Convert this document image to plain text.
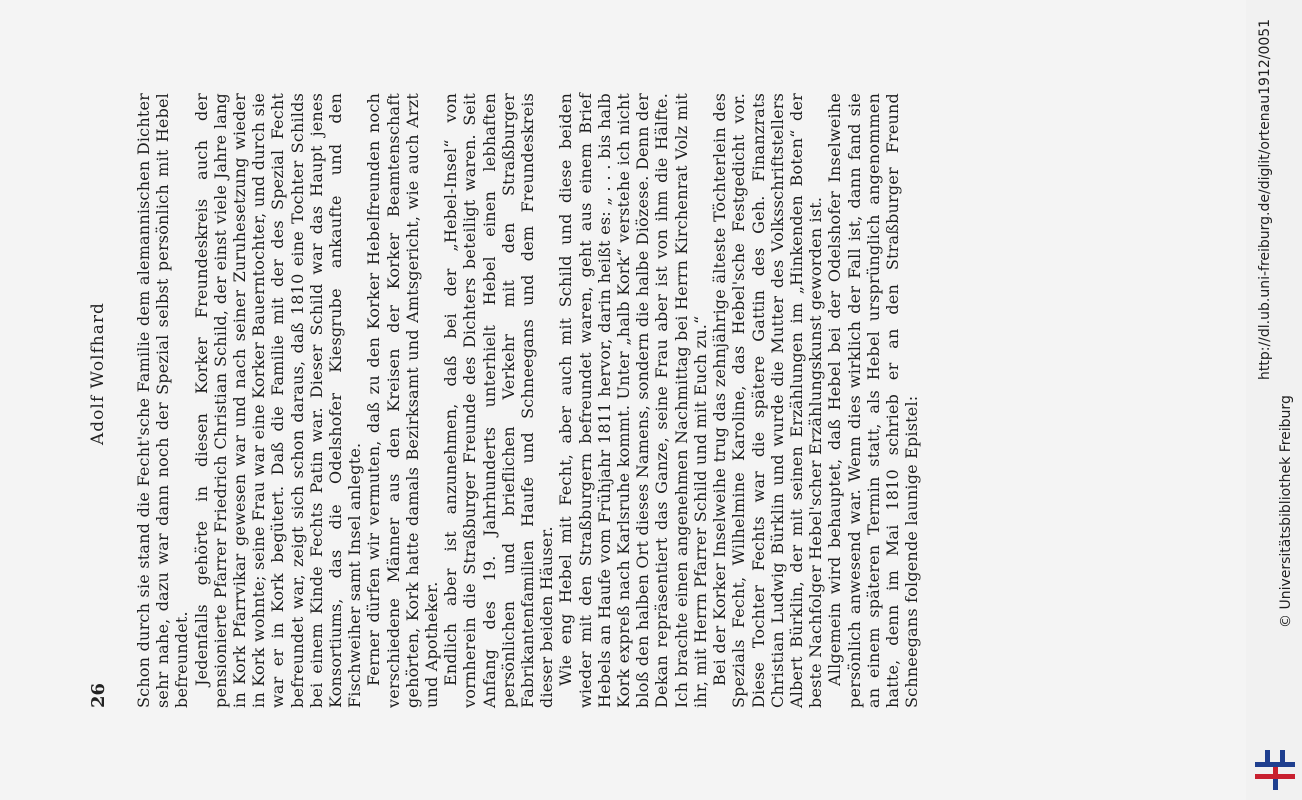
26
Adolf Wolfhard Schon durch sie stand die Fecht'sche Familie dem alemannischen Dichter sehr nahe, dazu war dann noch der Spezial selbst persönlich mit Hebel befreundet. Jedenfalls gehörte in diesen Korker Freundeskreis auch der pensionierte Pfarrer Friedrich Christian Schild, der einst viele Jahre lang in Kork Pfarrvikar gewesen war und nach seiner Zuruhesetzung wieder in Kork wohnte; seine Frau war eine Korker Bauerntochter, und durch sie war er in Kork begütert. Daß die Familie mit der des Spezial Fecht befreundet war, zeigt sich schon daraus, daß 1810 eine Tochter Schilds bei einem Kinde Fechts Patin war. Dieser Schild war das Haupt jenes Konsortiums, das die Odelshofer Kiesgrube ankaufte und den Fischweiher samt Insel anlegte. Ferner dürfen wir vermuten, daß zu den Korker Hebelfreunden noch verschiedene Männer aus den Kreisen der Korker Beamtenschaft gehörten, Kork hatte damals Bezirksamt und Amtsgericht, wie auch Arzt und Apotheker. Endlich aber ist anzunehmen, daß bei der „Hebel-Insel“ von vornherein die Straßburger Freunde des Dichters beteiligt waren. Seit Anfang des 19. Jahrhunderts unterhielt Hebel einen lebhaften persönlichen und brieflichen Verkehr mit den Straßburger Fabrikantenfamilien Haufe und Schneegans und dem Freundeskreis dieser beiden Häuser. Wie eng Hebel mit Fecht, aber auch mit Schild und diese beiden wieder mit den Straßburgern befreundet waren, geht aus einem Brief Hebels an Haufe vom Frühjahr 1811 hervor, darin heißt es: „ . . . bis halb Kork expreß nach Karlsruhe kommt. Unter „halb Kork“ verstehe ich nicht bloß den halben Ort dieses Namens, sondern die halbe Diözese. Denn der Dekan repräsentiert das Ganze, seine Frau aber ist von ihm die Hälfte. Ich brachte einen angenehmen Nachmittag bei Herrn Kirchenrat Volz mit ihr, mit Herrn Pfarrer Schild und mit Euch zu.“ Bei der Korker Inselweihe trug das zehnjährige älteste Töchterlein des Spezials Fecht, Wilhelmine Karoline, das Hebel'sche Festgedicht vor. Diese Tochter Fechts war die spätere Gattin des Geh. Finanzrats Christian Ludwig Bürklin und wurde die Mutter des Volksschriftstellers Albert Bürklin, der mit seinen Erzählungen im „Hinkenden Boten“ der beste Nachfolger Hebel'scher Erzählungskunst geworden ist. Allgemein wird behauptet, daß Hebel bei der Odelshofer Inselweihe persönlich anwesend war. Wenn dies wirklich der Fall ist, dann fand sie an einem späteren Termin statt, als Hebel ursprünglich angenommen hatte, denn im Mai 1810 schrieb er an den Straßburger Freund Schneegans folgende launige Epistel:

http://dl.ub.uni-freiburg.de/diglit/ortenau1912/0051
© Universitätsbibliothek Freiburg
